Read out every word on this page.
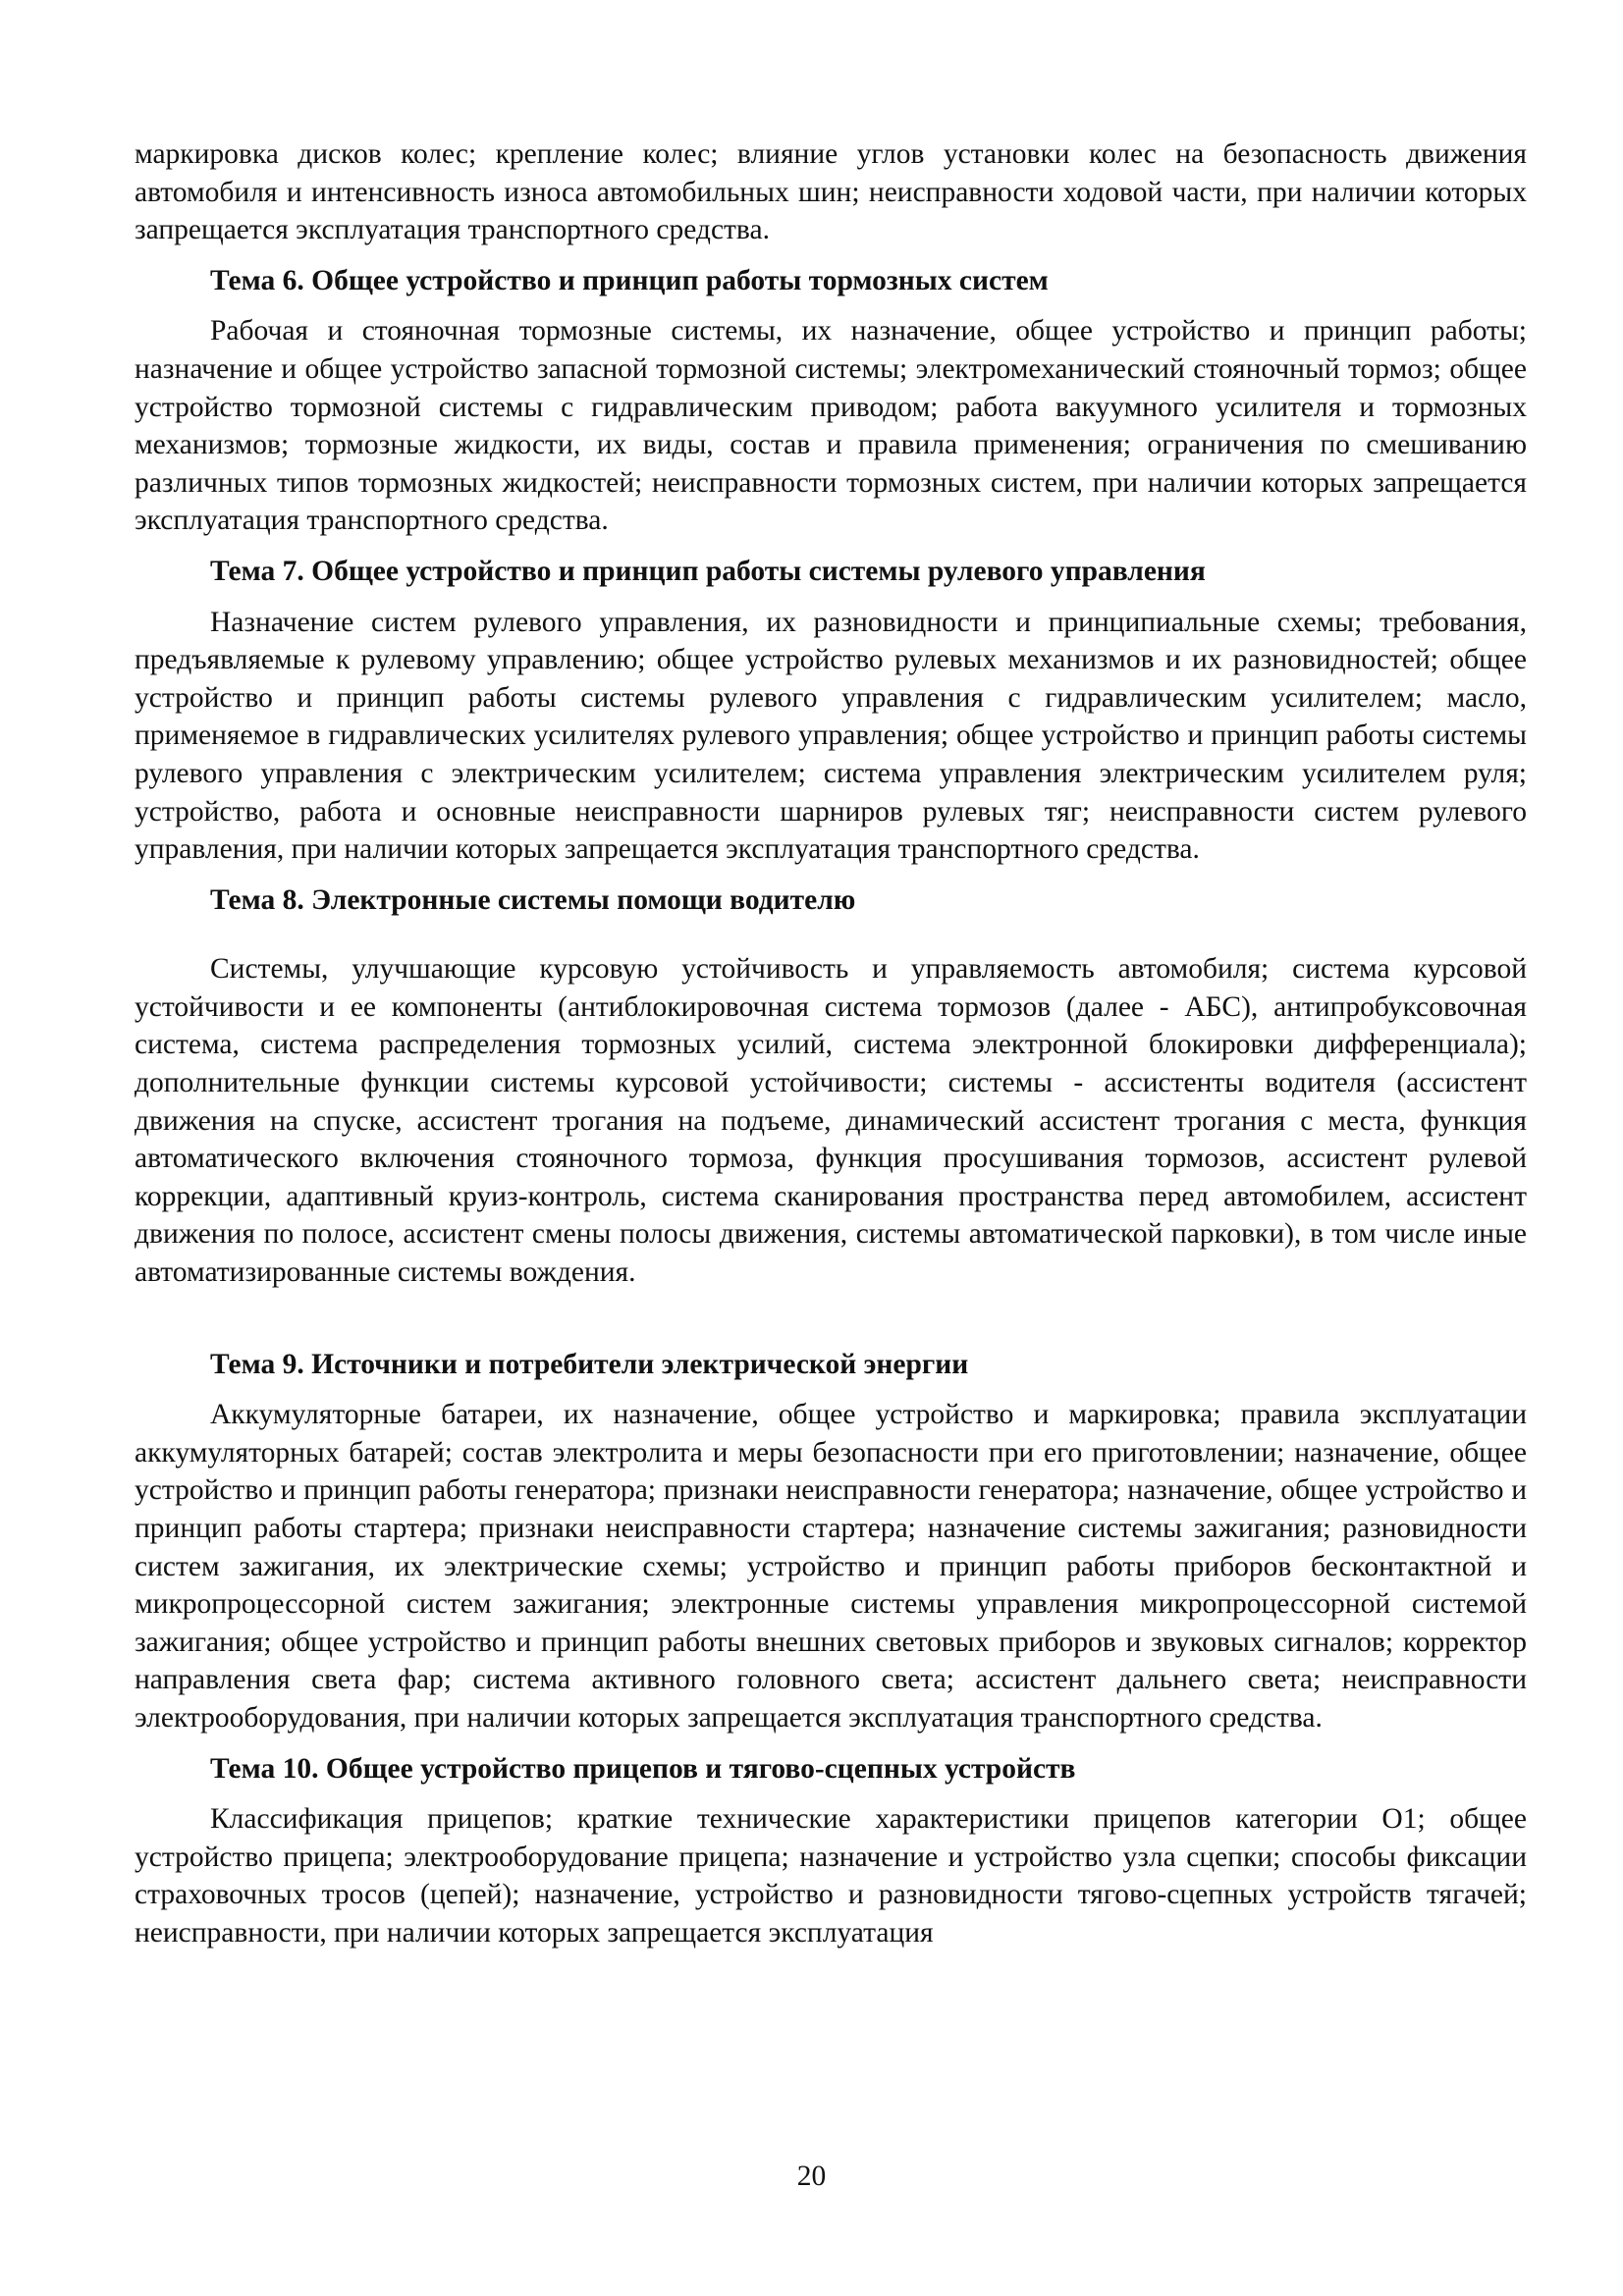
маркировка дисков колес; крепление колес; влияние углов установки колес на безопасность движения автомобиля и интенсивность износа автомобильных шин; неисправности ходовой части, при наличии которых запрещается эксплуатация транспортного средства.

Тема 6. Общее устройство и принцип работы тормозных систем

Рабочая и стояночная тормозные системы, их назначение, общее устройство и принцип работы; назначение и общее устройство запасной тормозной системы; электромеханический стояночный тормоз; общее устройство тормозной системы с гидравлическим приводом; работа вакуумного усилителя и тормозных механизмов; тормозные жидкости, их виды, состав и правила применения; ограничения по смешиванию различных типов тормозных жидкостей; неисправности тормозных систем, при наличии которых запрещается эксплуатация транспортного средства.

Тема 7. Общее устройство и принцип работы системы рулевого управления

Назначение систем рулевого управления, их разновидности и принципиальные схемы; требования, предъявляемые к рулевому управлению; общее устройство рулевых механизмов и их разновидностей; общее устройство и принцип работы системы рулевого управления с гидравлическим усилителем; масло, применяемое в гидравлических усилителях рулевого управления; общее устройство и принцип работы системы рулевого управления с электрическим усилителем; система управления электрическим усилителем руля; устройство, работа и основные неисправности шарниров рулевых тяг; неисправности систем рулевого управления, при наличии которых запрещается эксплуатация транспортного средства.

Тема 8. Электронные системы помощи водителю

Системы, улучшающие курсовую устойчивость и управляемость автомобиля; система курсовой устойчивости и ее компоненты (антиблокировочная система тормозов (далее - АБС), антипробуксовочная система, система распределения тормозных усилий, система электронной блокировки дифференциала); дополнительные функции системы курсовой устойчивости; системы - ассистенты водителя (ассистент движения на спуске, ассистент трогания на подъеме, динамический ассистент трогания с места, функция автоматического включения стояночного тормоза, функция просушивания тормозов, ассистент рулевой коррекции, адаптивный круиз-контроль, система сканирования пространства перед автомобилем, ассистент движения по полосе, ассистент смены полосы движения, системы автоматической парковки), в том числе иные автоматизированные системы вождения.

Тема 9. Источники и потребители электрической энергии

Аккумуляторные батареи, их назначение, общее устройство и маркировка; правила эксплуатации аккумуляторных батарей; состав электролита и меры безопасности при его приготовлении; назначение, общее устройство и принцип работы генератора; признаки неисправности генератора; назначение, общее устройство и принцип работы стартера; признаки неисправности стартера; назначение системы зажигания; разновидности систем зажигания, их электрические схемы; устройство и принцип работы приборов бесконтактной и микропроцессорной систем зажигания; электронные системы управления микропроцессорной системой зажигания; общее устройство и принцип работы внешних световых приборов и звуковых сигналов; корректор направления света фар; система активного головного света; ассистент дальнего света; неисправности электрооборудования, при наличии которых запрещается эксплуатация транспортного средства.

Тема 10. Общее устройство прицепов и тягово-сцепных устройств

Классификация прицепов; краткие технические характеристики прицепов категории О1; общее устройство прицепа; электрооборудование прицепа; назначение и устройство узла сцепки; способы фиксации страховочных тросов (цепей); назначение, устройство и разновидности тягово-сцепных устройств тягачей; неисправности, при наличии которых запрещается эксплуатация

20
